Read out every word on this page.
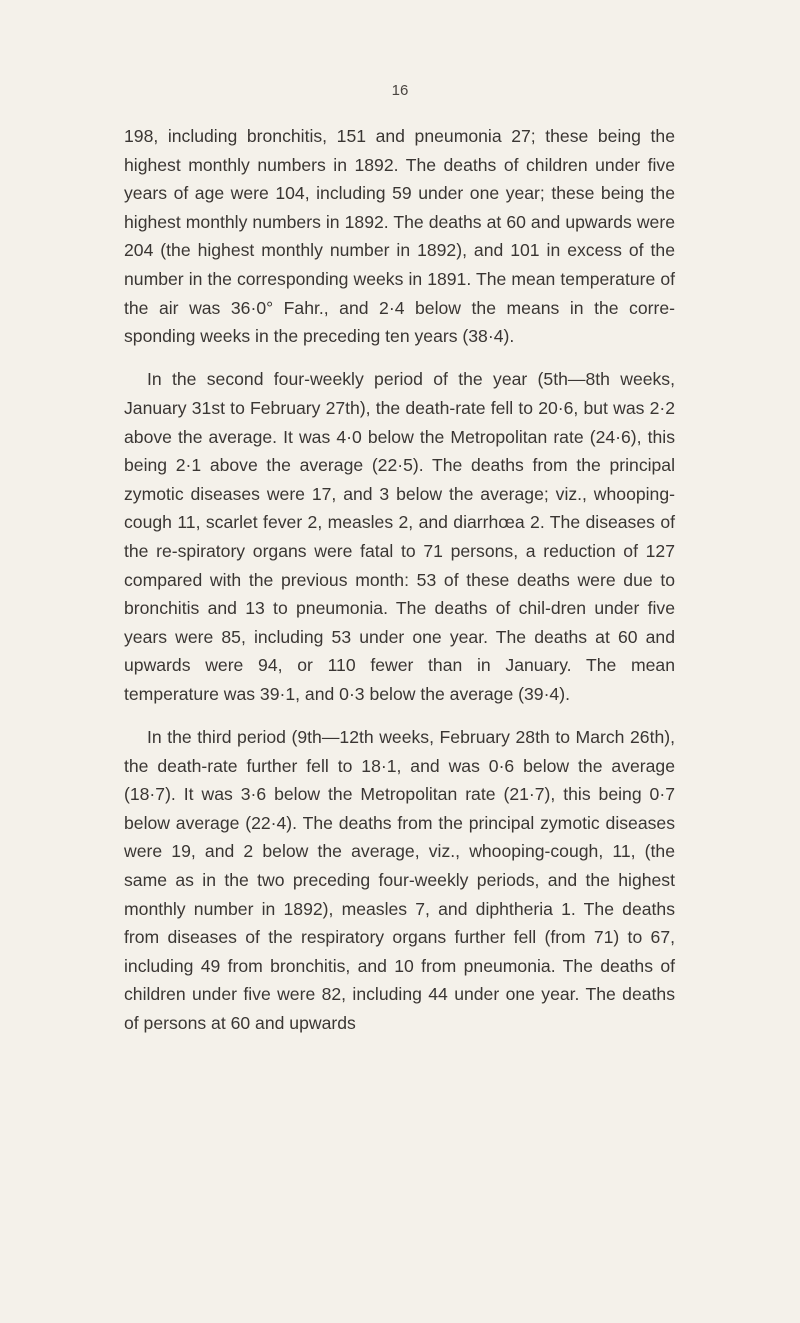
16

198, including bronchitis, 151 and pneumonia 27; these being the highest monthly numbers in 1892. The deaths of children under five years of age were 104, including 59 under one year; these being the highest monthly numbers in 1892. The deaths at 60 and upwards were 204 (the highest monthly number in 1892), and 101 in excess of the number in the corresponding weeks in 1891. The mean temperature of the air was 36·0° Fahr., and 2·4 below the means in the corre-sponding weeks in the preceding ten years (38·4).

In the second four-weekly period of the year (5th—8th weeks, January 31st to February 27th), the death-rate fell to 20·6, but was 2·2 above the average. It was 4·0 below the Metropolitan rate (24·6), this being 2·1 above the average (22·5). The deaths from the principal zymotic diseases were 17, and 3 below the average; viz., whooping-cough 11, scarlet fever 2, measles 2, and diarrhœa 2. The diseases of the re-spiratory organs were fatal to 71 persons, a reduction of 127 compared with the previous month: 53 of these deaths were due to bronchitis and 13 to pneumonia. The deaths of chil-dren under five years were 85, including 53 under one year. The deaths at 60 and upwards were 94, or 110 fewer than in January. The mean temperature was 39·1, and 0·3 below the average (39·4).

In the third period (9th—12th weeks, February 28th to March 26th), the death-rate further fell to 18·1, and was 0·6 below the average (18·7). It was 3·6 below the Metropolitan rate (21·7), this being 0·7 below average (22·4). The deaths from the principal zymotic diseases were 19, and 2 below the average, viz., whooping-cough, 11, (the same as in the two preceding four-weekly periods, and the highest monthly number in 1892), measles 7, and diphtheria 1. The deaths from diseases of the respiratory organs further fell (from 71) to 67, including 49 from bronchitis, and 10 from pneumonia. The deaths of children under five were 82, including 44 under one year. The deaths of persons at 60 and upwards
